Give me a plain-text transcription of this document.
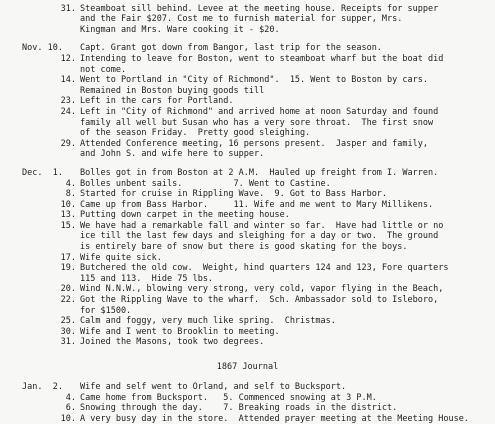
31. Steamboat sill behind. Levee at the meeting house. Receipts for supper
and the Fair $207. Cost me to furnish material for supper, Mrs.
Kingman and Mrs. Ware cooking it - $20.
Nov. 10. Capt. Grant got down from Bangor, last trip for the season.
12. Intending to leave for Boston, went to steamboat wharf but the boat did
not come.
14. Went to Portland in "City of Richmond".  15. Went to Boston by cars.
Remained in Boston buying goods till
23. Left in the cars for Portland.
24. Left in "City of Richmond" and arrived home at noon Saturday and found
family all well but Susan who has a very sore throat.  The first snow
of the season Friday.  Pretty good sleighing.
29. Attended Conference meeting, 16 persons present.  Jasper and family,
and John S. and wife here to supper.
Dec.  1. Bolles got in from Boston at 2 A.M.  Hauled up freight from I. Warren.
4. Bolles unbent sails.          7. Went to Castine.
8. Started for cruise in Rippling Wave.  9. Got to Bass Harbor.
10. Came up from Bass Harbor.     11. Wife and me went to Mary Millikens.
13. Putting down carpet in the meeting house.
15. We have had a remarkable fall and winter so far.  Have had little or no
ice till the last few days and sleighing for a day or two.  The ground
is entirely bare of snow but there is good skating for the boys.
17. Wife quite sick.
19. Butchered the old cow.  Weight, hind quarters 124 and 123, Fore quarters
115 and 113.  Hide 75 lbs.
20. Wind N.N.W., blowing very strong, very cold, vapor flying in the Beach,
22. Got the Rippling Wave to the wharf.  Sch. Ambassador sold to Isleboro,
for $1500.
25. Calm and foggy, very much like spring.  Christmas.
30. Wife and I went to Brooklin to meeting.
31. Joined the Masons, took two degrees.
1867 Journal
Jan.  2. Wife and self went to Orland, and self to Bucksport.
4. Came home from Bucksport.   5. Commenced snowing at 3 P.M.
6. Snowing through the day.    7. Breaking roads in the district.
10. A very busy day in the store.  Attended prayer meeting at the Meeting House.
